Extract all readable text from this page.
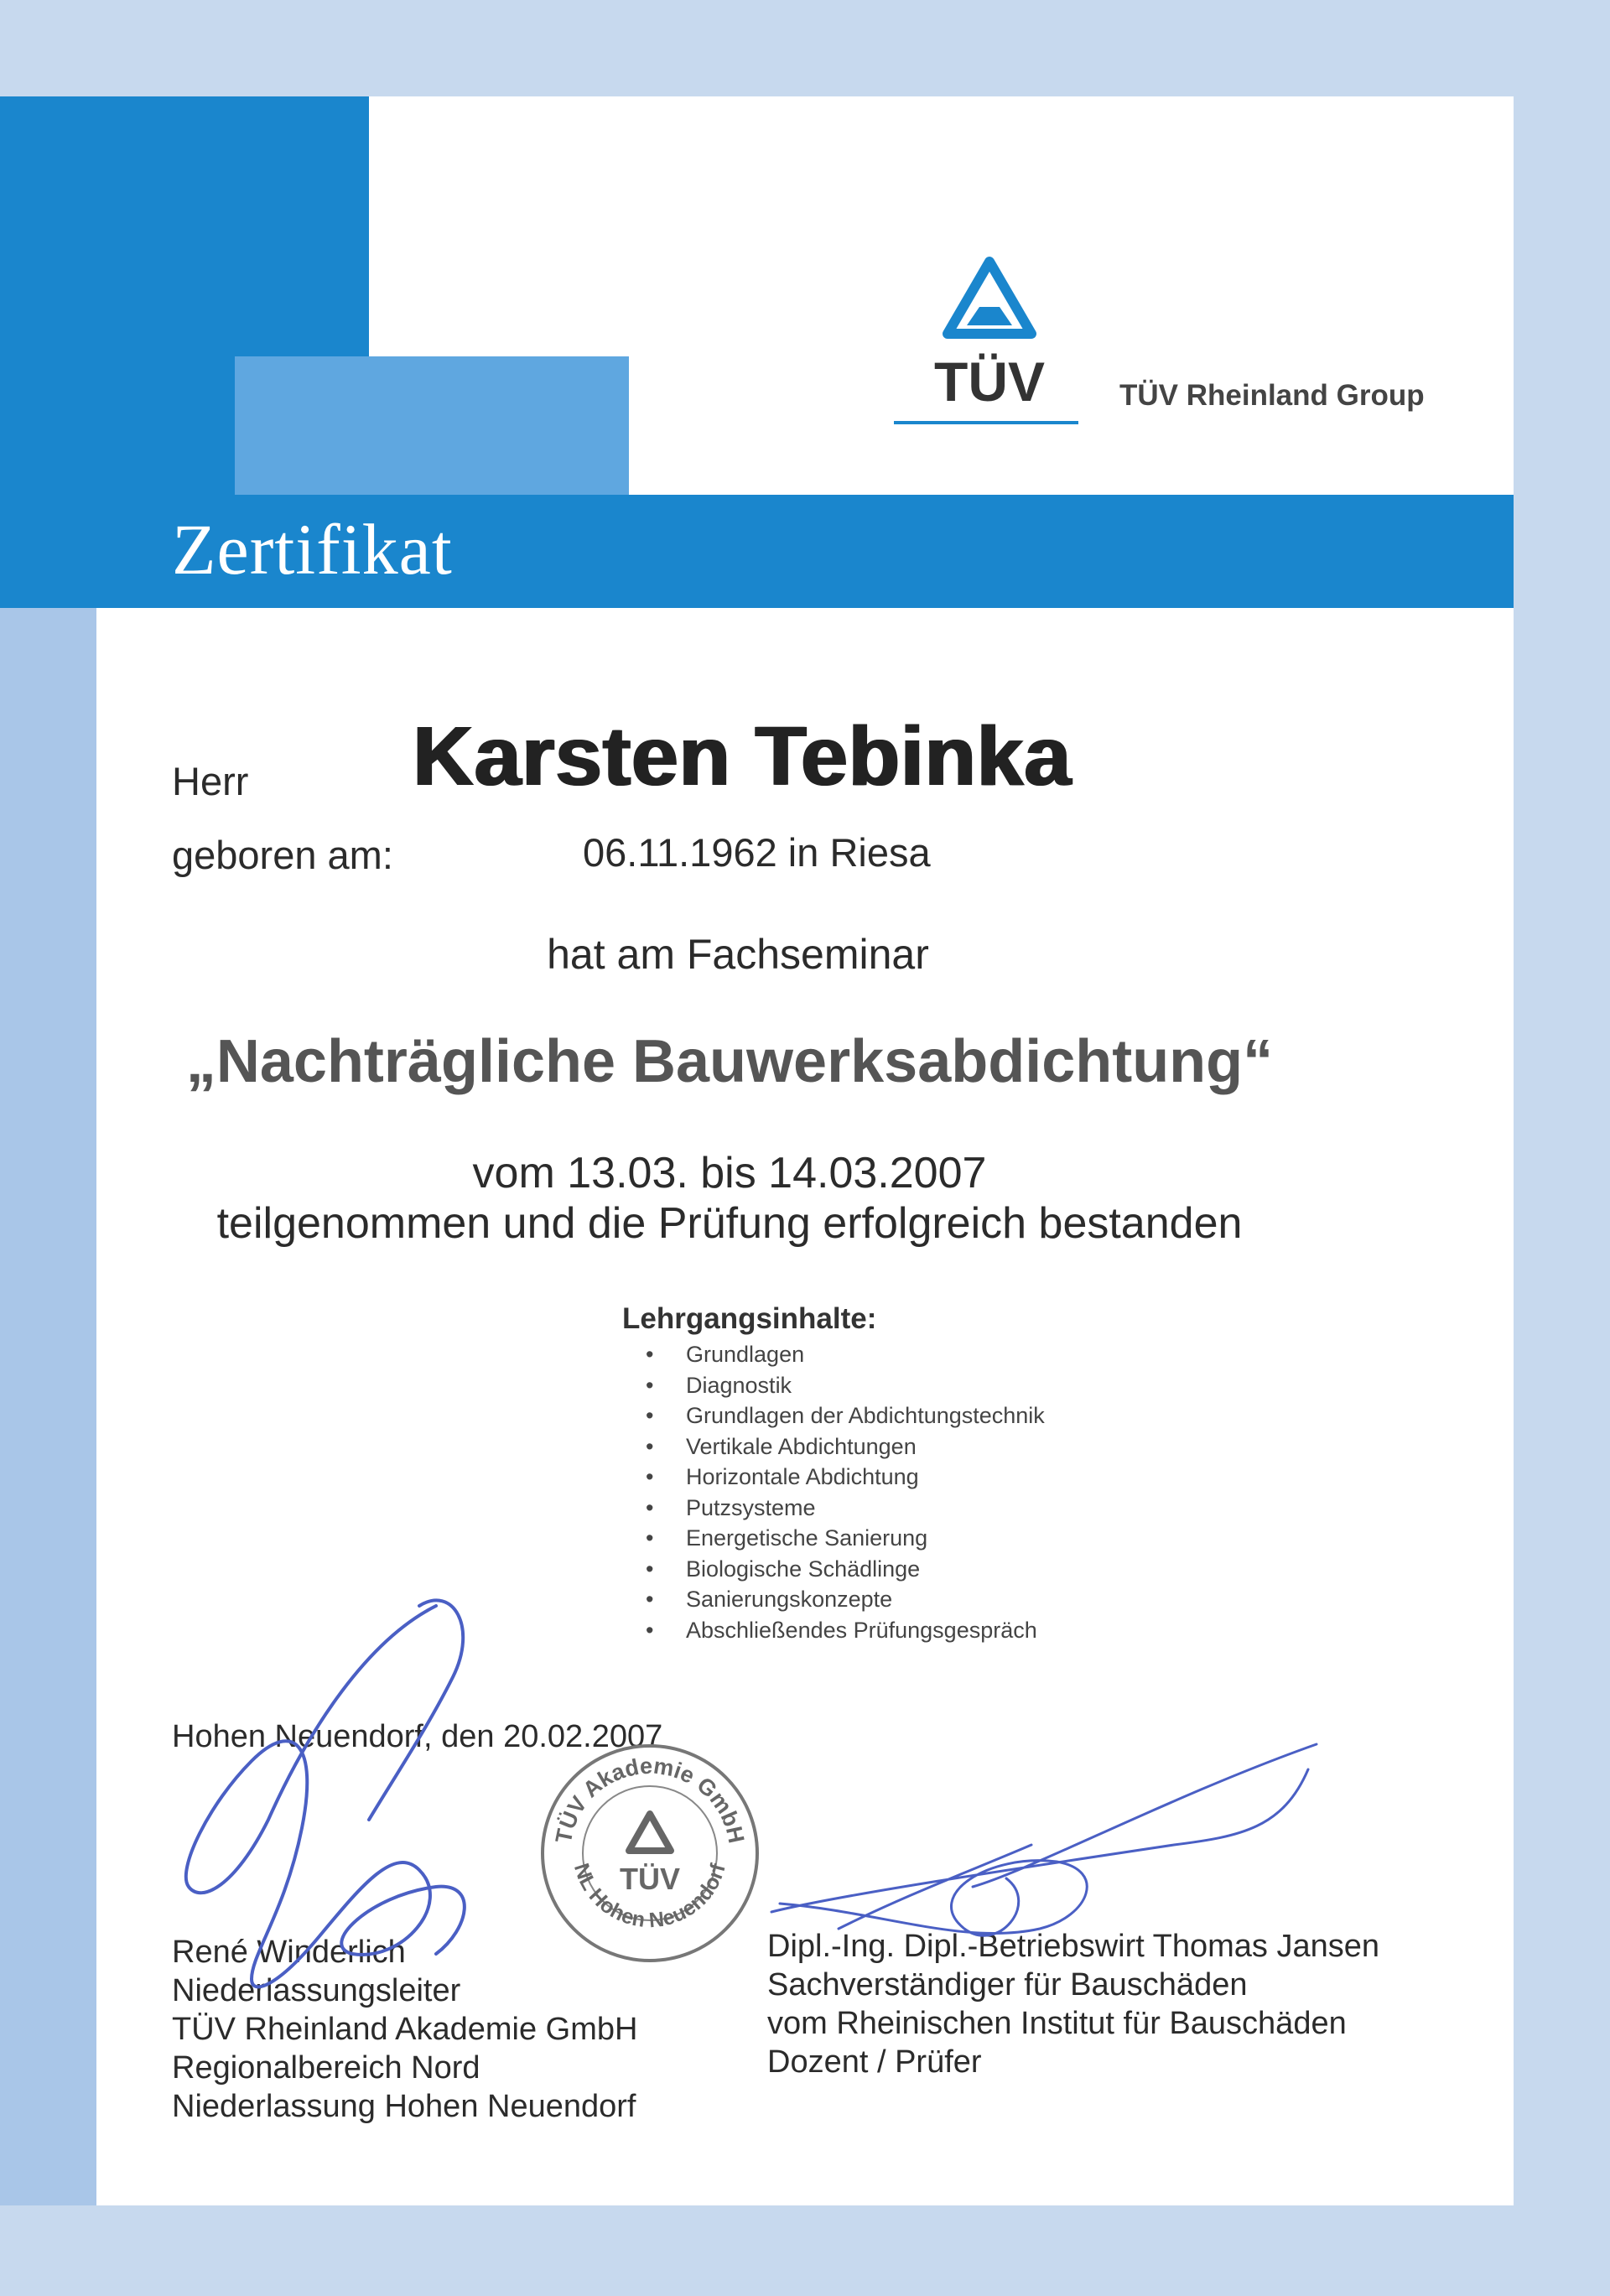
Zertifikat
TÜV	TÜV Rheinland Group
Herr Karsten Tebinka
geboren am:	06.11.1962 in Riesa
hat am Fachseminar
„Nachträgliche Bauwerksabdichtung“
vom 13.03. bis 14.03.2007
teilgenommen und die Prüfung erfolgreich bestanden
Lehrgangsinhalte:
• Grundlagen
• Diagnostik
• Grundlagen der Abdichtungstechnik
• Vertikale Abdichtungen
• Horizontale Abdichtung
• Putzsysteme
• Energetische Sanierung
• Biologische Schädlinge
• Sanierungskonzepte
• Abschließendes Prüfungsgespräch
Hohen Neuendorf, den 20.02.2007
René Winderlich
Niederlassungsleiter
TÜV Rheinland Akademie GmbH
Regionalbereich Nord
Niederlassung Hohen Neuendorf
Dipl.-Ing. Dipl.-Betriebswirt Thomas Jansen
Sachverständiger für Bauschäden
vom Rheinischen Institut für Bauschäden
Dozent / Prüfer
TÜV Akademie GmbH
NL Hohen Neuendorf
TÜV
